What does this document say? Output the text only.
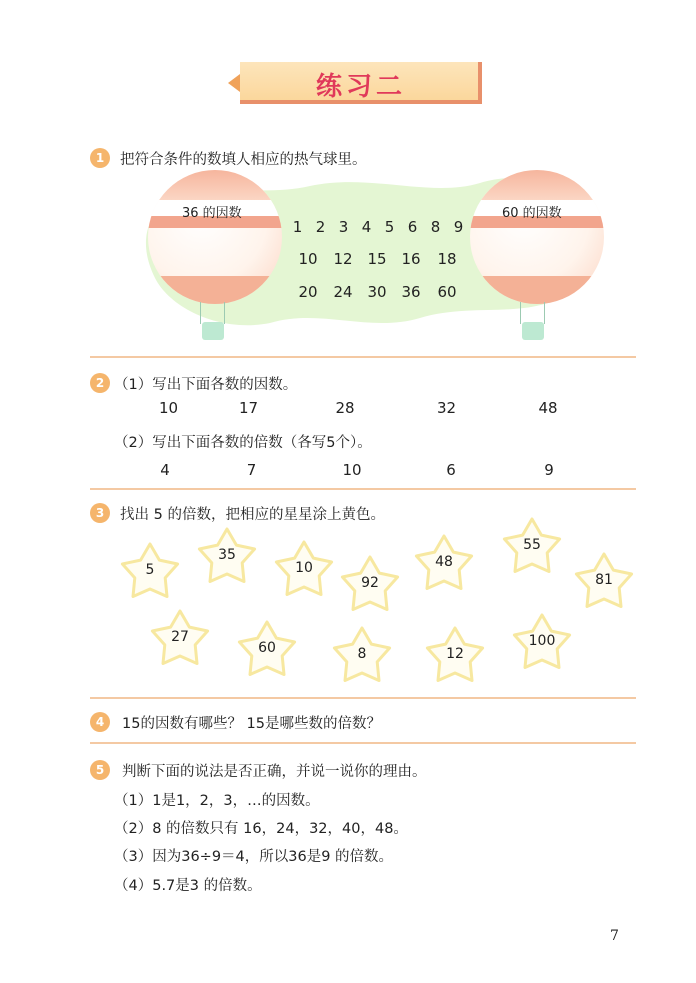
练习二
1	把符合条件的数填人相应的热气球里。
36 的因数	60 的因数
1 2 3 4 5 6 8 9
10 12 15 16 18
20 24 30 36 60
2 （1）写出下面各数的因数。
10	17	28	32	48
（2）写出下面各数的倍数（各写5个）。
4	7	10	6	9
3	找出 5 的倍数，把相应的星星涂上黄色。
5
35
10
92
48
55
81
27
60	8	12
100
4	15的因数有哪些？ 15是哪些数的倍数？
5	判断下面的说法是否正确，并说一说你的理由。
（1）1是1，2，3，…的因数。
（2）8 的倍数只有 16，24，32，40，48。
（3）因为36÷9＝4，所以36是9 的倍数。
（4）5.7是3 的倍数。
7
